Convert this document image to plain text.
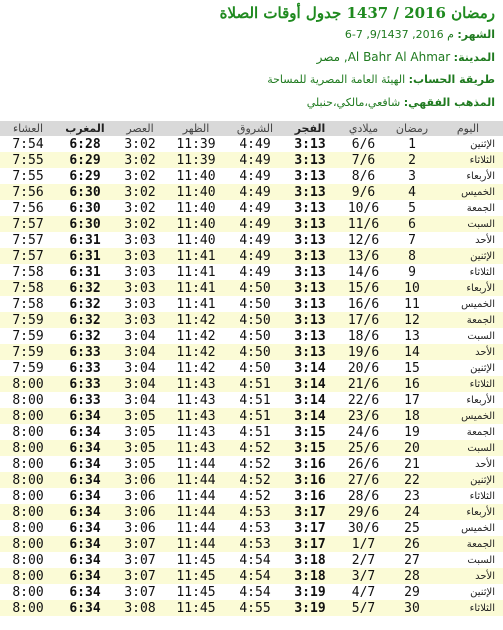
رمضان 2016 / 1437 جدول أوقات الصلاة
الشهر: 6-7 ,9/1437 ,2016 م
المدينة: Al Bahr Al Ahmar, مصر
طريقة الحساب: الهيئة العامة المصرية للمساحة
المذهب الفقهي: شافعي،مالكي،حنبلي
اليوم	رمضان	ميلادي	الفجر	الشروق	الظهر	العصر	المغرب	العشاء
الإثنين	1	6/6	3:13	4:49	11:39	3:02	6:28	7:54
الثلاثاء	2	7/6	3:13	4:49	11:39	3:02	6:29	7:55
الأربعاء	3	8/6	3:13	4:49	11:40	3:02	6:29	7:55
الخميس	4	9/6	3:13	4:49	11:40	3:02	6:30	7:56
الجمعة	5	10/6	3:13	4:49	11:40	3:02	6:30	7:56
السبت	6	11/6	3:13	4:49	11:40	3:02	6:30	7:57
الأحد	7	12/6	3:13	4:49	11:40	3:03	6:31	7:57
الإثنين	8	13/6	3:13	4:49	11:41	3:03	6:31	7:57
الثلاثاء	9	14/6	3:13	4:49	11:41	3:03	6:31	7:58
الأربعاء	10	15/6	3:13	4:50	11:41	3:03	6:32	7:58
الخميس	11	16/6	3:13	4:50	11:41	3:03	6:32	7:58
الجمعة	12	17/6	3:13	4:50	11:42	3:03	6:32	7:59
السبت	13	18/6	3:13	4:50	11:42	3:04	6:32	7:59
الأحد	14	19/6	3:13	4:50	11:42	3:04	6:33	7:59
الإثنين	15	20/6	3:14	4:50	11:42	3:04	6:33	7:59
الثلاثاء	16	21/6	3:14	4:51	11:43	3:04	6:33	8:00
الأربعاء	17	22/6	3:14	4:51	11:43	3:04	6:33	8:00
الخميس	18	23/6	3:14	4:51	11:43	3:05	6:34	8:00
الجمعة	19	24/6	3:15	4:51	11:43	3:05	6:34	8:00
السبت	20	25/6	3:15	4:52	11:43	3:05	6:34	8:00
الأحد	21	26/6	3:16	4:52	11:44	3:05	6:34	8:00
الإثنين	22	27/6	3:16	4:52	11:44	3:06	6:34	8:00
الثلاثاء	23	28/6	3:16	4:52	11:44	3:06	6:34	8:00
الأربعاء	24	29/6	3:17	4:53	11:44	3:06	6:34	8:00
الخميس	25	30/6	3:17	4:53	11:44	3:06	6:34	8:00
الجمعة	26	1/7	3:17	4:53	11:44	3:07	6:34	8:00
السبت	27	2/7	3:18	4:54	11:45	3:07	6:34	8:00
الأحد	28	3/7	3:18	4:54	11:45	3:07	6:34	8:00
الإثنين	29	4/7	3:19	4:54	11:45	3:07	6:34	8:00
الثلاثاء	30	5/7	3:19	4:55	11:45	3:08	6:34	8:00
